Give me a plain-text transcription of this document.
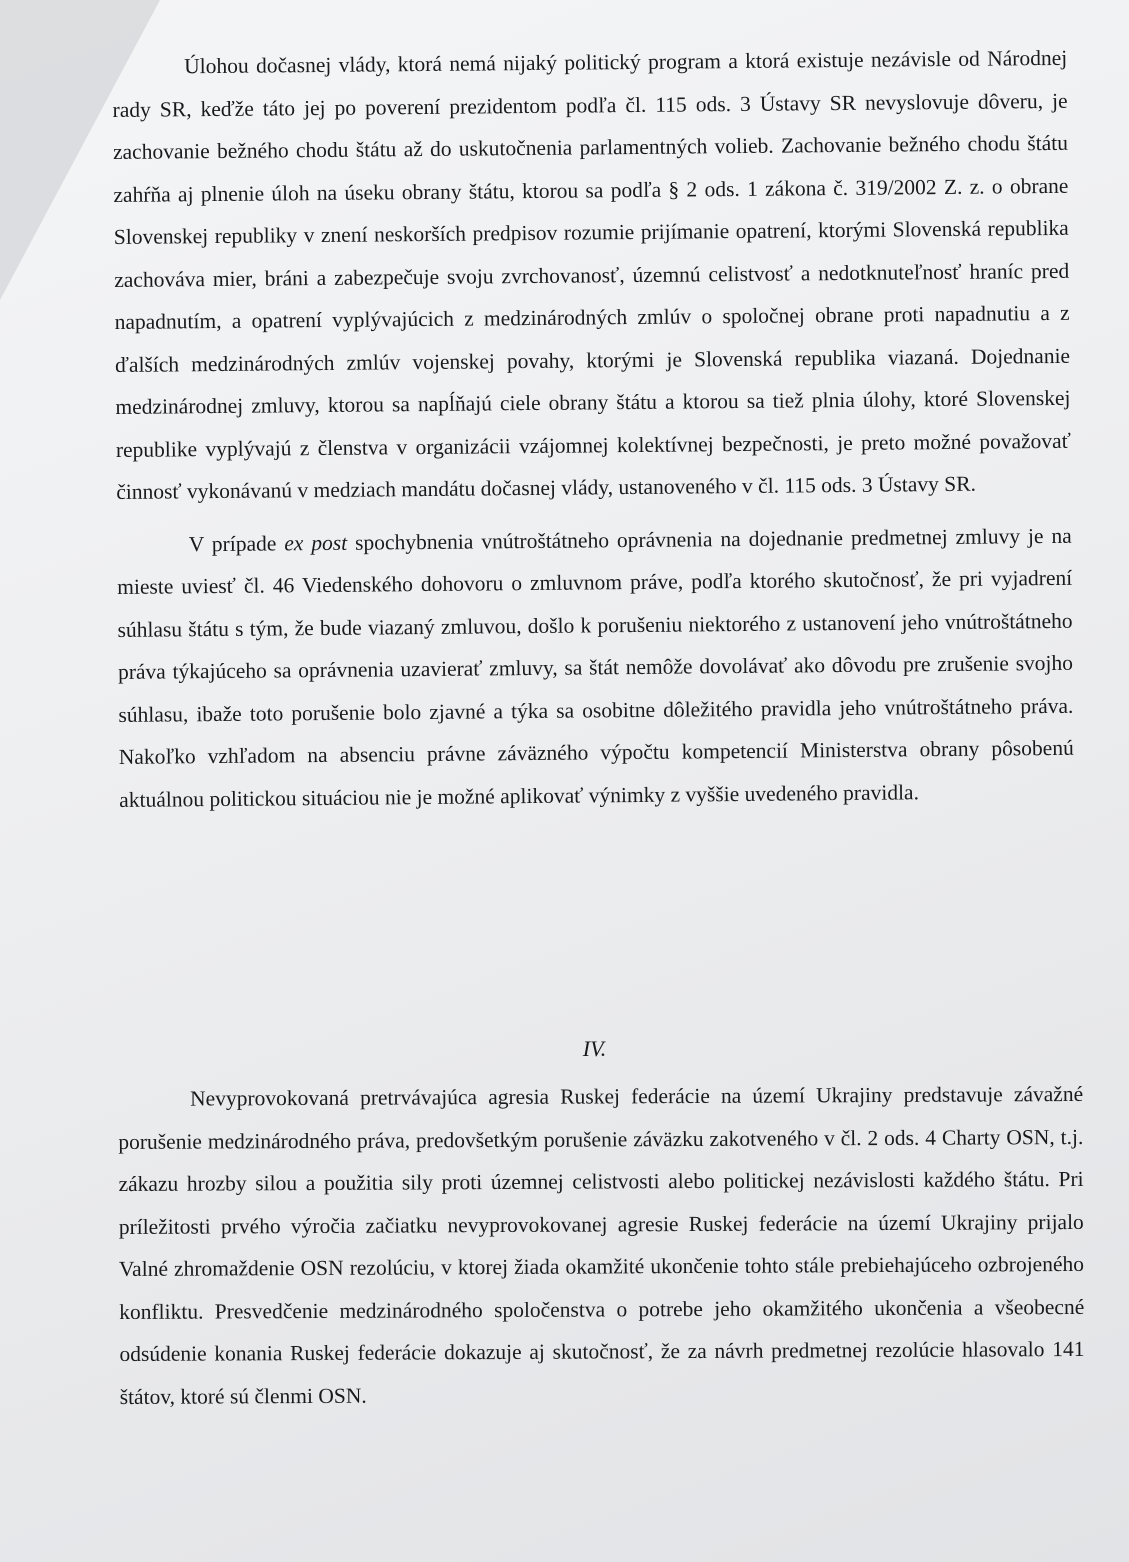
Úlohou dočasnej vlády, ktorá nemá nijaký politický program a ktorá existuje nezávisle od Národnej rady SR, keďže táto jej po poverení prezidentom podľa čl. 115 ods. 3 Ústavy SR nevyslovuje dôveru, je zachovanie bežného chodu štátu až do uskutočnenia parlamentných volieb. Zachovanie bežného chodu štátu zahŕňa aj plnenie úloh na úseku obrany štátu, ktorou sa podľa § 2 ods. 1 zákona č. 319/2002 Z. z. o obrane Slovenskej republiky v znení neskorších predpisov rozumie prijímanie opatrení, ktorými Slovenská republika zachováva mier, bráni a zabezpečuje svoju zvrchovanosť, územnú celistvosť a nedotknuteľnosť hraníc pred napadnutím, a opatrení vyplývajúcich z medzinárodných zmlúv o spoločnej obrane proti napadnutiu a z ďalších medzinárodných zmlúv vojenskej povahy, ktorými je Slovenská republika viazaná. Dojednanie medzinárodnej zmluvy, ktorou sa napĺňajú ciele obrany štátu a ktorou sa tiež plnia úlohy, ktoré Slovenskej republike vyplývajú z členstva v organizácii vzájomnej kolektívnej bezpečnosti, je preto možné považovať činnosť vykonávanú v medziach mandátu dočasnej vlády, ustanoveného v čl. 115 ods. 3 Ústavy SR.

V prípade ex post spochybnenia vnútroštátneho oprávnenia na dojednanie predmetnej zmluvy je na mieste uviesť čl. 46 Viedenského dohovoru o zmluvnom práve, podľa ktorého skutočnosť, že pri vyjadrení súhlasu štátu s tým, že bude viazaný zmluvou, došlo k porušeniu niektorého z ustanovení jeho vnútroštátneho práva týkajúceho sa oprávnenia uzavierať zmluvy, sa štát nemôže dovolávať ako dôvodu pre zrušenie svojho súhlasu, ibaže toto porušenie bolo zjavné a týka sa osobitne dôležitého pravidla jeho vnútroštátneho práva. Nakoľko vzhľadom na absenciu právne záväzného výpočtu kompetencií Ministerstva obrany pôsobenú aktuálnou politickou situáciou nie je možné aplikovať výnimky z vyššie uvedeného pravidla.

Nevyprovokovaná pretrvávajúca agresia Ruskej federácie na území Ukrajiny predstavuje závažné porušenie medzinárodného práva, predovšetkým porušenie záväzku zakotveného v čl. 2 ods. 4 Charty OSN, t.j. zákazu hrozby silou a použitia sily proti územnej celistvosti alebo politickej nezávislosti každého štátu. Pri príležitosti prvého výročia začiatku nevyprovokovanej agresie Ruskej federácie na území Ukrajiny prijalo Valné zhromaždenie OSN rezolúciu, v ktorej žiada okamžité ukončenie tohto stále prebiehajúceho ozbrojeného konfliktu. Presvedčenie medzinárodného spoločenstva o potrebe jeho okamžitého ukončenia a všeobecné odsúdenie konania Ruskej federácie dokazuje aj skutočnosť, že za návrh predmetnej rezolúcie hlasovalo 141 štátov, ktoré sú členmi OSN.

IV.
